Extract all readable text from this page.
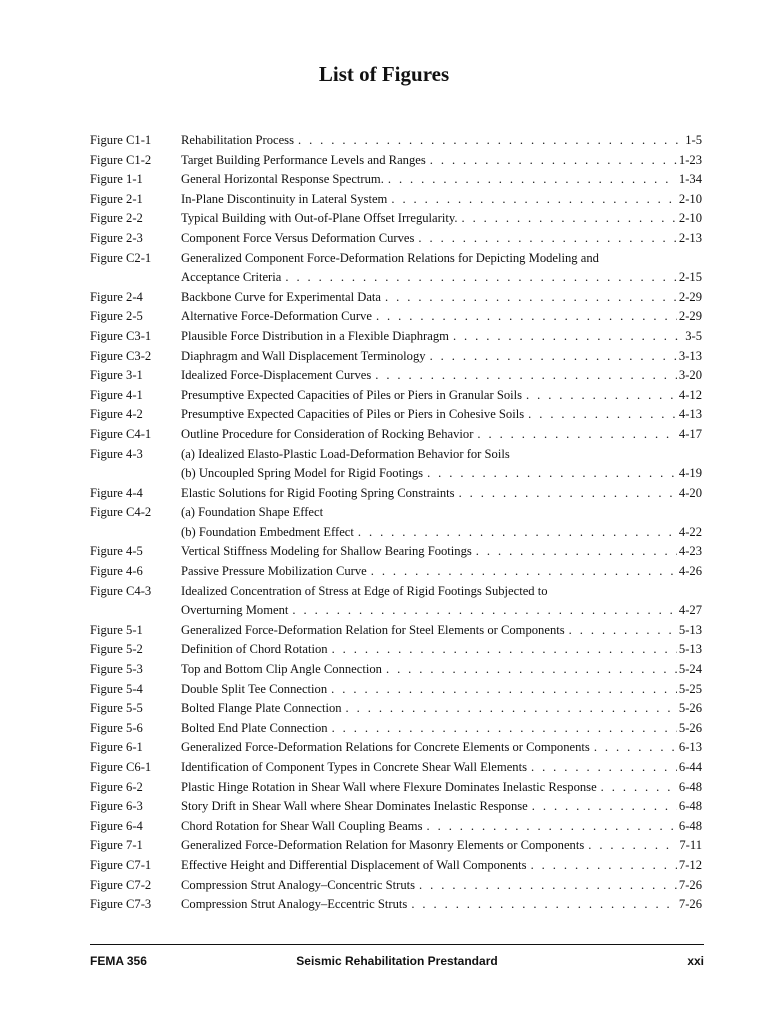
List of Figures
Figure C1-1	Rehabilitation Process . . .	1-5
Figure C1-2	Target Building Performance Levels and Ranges . . .	1-23
Figure 1-1	General Horizontal Response Spectrum. . . .	1-34
Figure 2-1	In-Plane Discontinuity in Lateral System . . .	2-10
Figure 2-2	Typical Building with Out-of-Plane Offset Irregularity. . . .	2-10
Figure 2-3	Component Force Versus Deformation Curves . . .	2-13
Figure C2-1	Generalized Component Force-Deformation Relations for Depicting Modeling and
Acceptance Criteria . . .	2-15
Figure 2-4	Backbone Curve for Experimental Data . . .	2-29
Figure 2-5	Alternative Force-Deformation Curve . . .	2-29
Figure C3-1	Plausible Force Distribution in a Flexible Diaphragm . . .	3-5
Figure C3-2	Diaphragm and Wall Displacement Terminology . . .	3-13
Figure 3-1	Idealized Force-Displacement Curves . . .	3-20
Figure 4-1	Presumptive Expected Capacities of Piles or Piers in Granular Soils . . .	4-12
Figure 4-2	Presumptive Expected Capacities of Piles or Piers in Cohesive Soils . . .	4-13
Figure C4-1	Outline Procedure for Consideration of Rocking Behavior . . .	4-17
Figure 4-3	(a) Idealized Elasto-Plastic Load-Deformation Behavior for Soils
(b) Uncoupled Spring Model for Rigid Footings . . .	4-19
Figure 4-4	Elastic Solutions for Rigid Footing Spring Constraints . . .	4-20
Figure C4-2	(a) Foundation Shape Effect
(b) Foundation Embedment Effect . . .	4-22
Figure 4-5	Vertical Stiffness Modeling for Shallow Bearing Footings . . .	4-23
Figure 4-6	Passive Pressure Mobilization Curve . . .	4-26
Figure C4-3	Idealized Concentration of Stress at Edge of Rigid Footings Subjected to
Overturning Moment . . .	4-27
Figure 5-1	Generalized Force-Deformation Relation for Steel Elements or Components . . .	5-13
Figure 5-2	Definition of Chord Rotation . . .	5-13
Figure 5-3	Top and Bottom Clip Angle Connection . . .	5-24
Figure 5-4	Double Split Tee Connection . . .	5-25
Figure 5-5	Bolted Flange Plate Connection . . .	5-26
Figure 5-6	Bolted End Plate Connection . . .	5-26
Figure 6-1	Generalized Force-Deformation Relations for Concrete Elements or Components . . .	6-13
Figure C6-1	Identification of Component Types in Concrete Shear Wall Elements . . .	6-44
Figure 6-2	Plastic Hinge Rotation in Shear Wall where Flexure Dominates Inelastic Response . . .	6-48
Figure 6-3	Story Drift in Shear Wall where Shear Dominates Inelastic Response . . .	6-48
Figure 6-4	Chord Rotation for Shear Wall Coupling Beams . . .	6-48
Figure 7-1	Generalized Force-Deformation Relation for Masonry Elements or Components . . .	7-11
Figure C7-1	Effective Height and Differential Displacement of Wall Components . . .	7-12
Figure C7-2	Compression Strut Analogy–Concentric Struts . . .	7-26
Figure C7-3	Compression Strut Analogy–Eccentric Struts . . .	7-26
FEMA 356	Seismic Rehabilitation Prestandard	xxi
